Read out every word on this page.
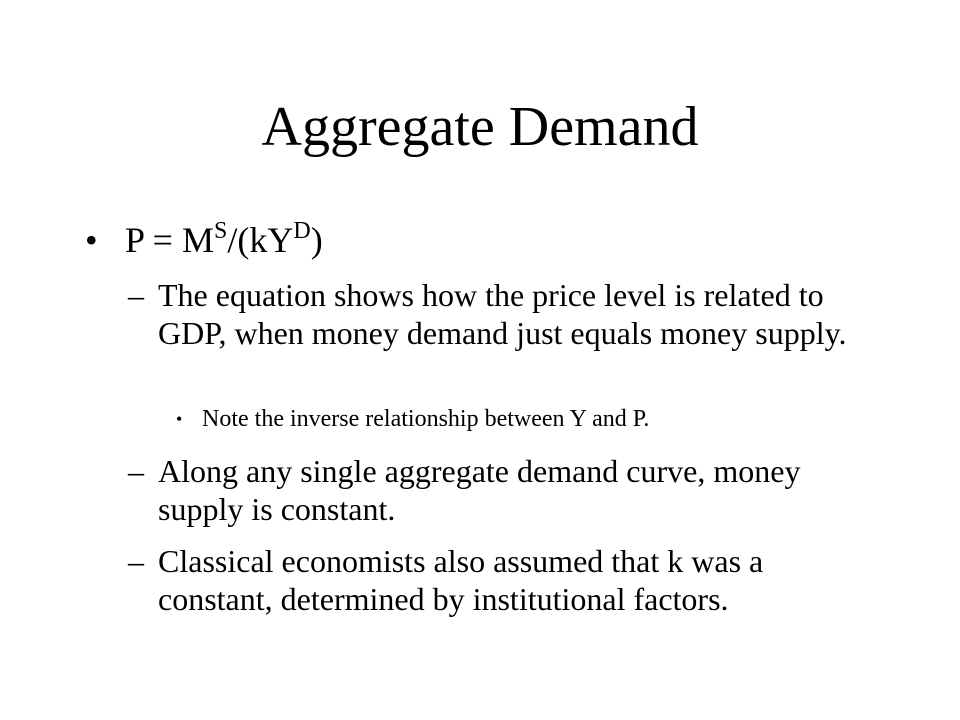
Aggregate Demand
• $P = M^S/(kY^D)$
– The equation shows how the price level is related to GDP, when money demand just equals money supply.
• Note the inverse relationship between Y and P.
– Along any single aggregate demand curve, money supply is constant.
– Classical economists also assumed that k was a constant, determined by institutional factors.
